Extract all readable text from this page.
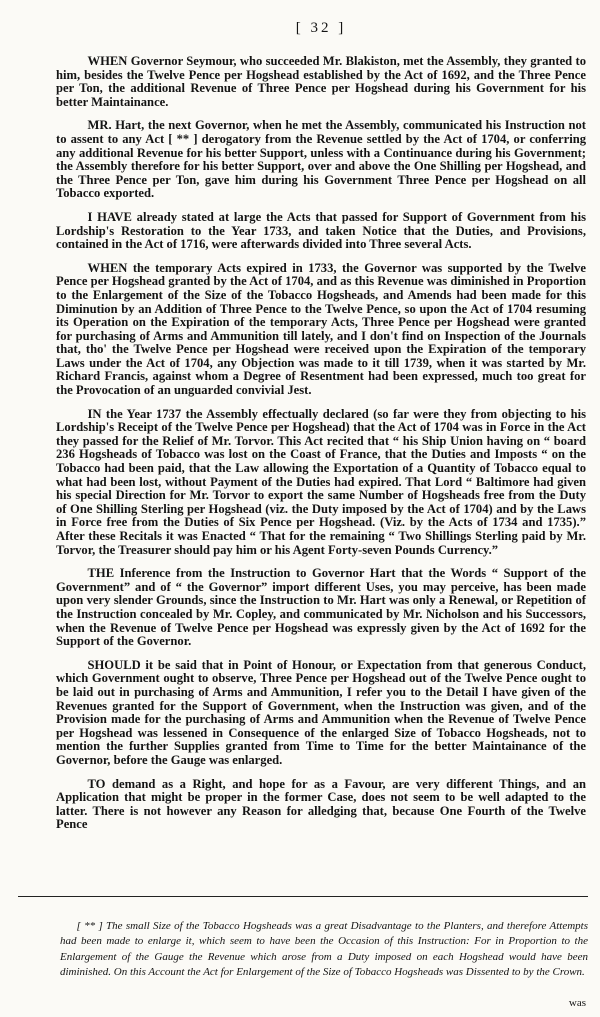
[ 32 ]

WHEN Governor Seymour, who succeeded Mr. Blakiston, met the Assembly, they granted to him, besides the Twelve Pence per Hogshead established by the Act of 1692, and the Three Pence per Ton, the additional Revenue of Three Pence per Hogshead during his Government for his better Maintainance.

MR. Hart, the next Governor, when he met the Assembly, communicated his Instruction not to assent to any Act [ ** ] derogatory from the Revenue settled by the Act of 1704, or conferring any additional Revenue for his better Support, unless with a Continuance during his Government; the Assembly therefore for his better Support, over and above the One Shilling per Hogshead, and the Three Pence per Ton, gave him during his Government Three Pence per Hogshead on all Tobacco exported.

I HAVE already stated at large the Acts that passed for Support of Government from his Lordship's Restoration to the Year 1733, and taken Notice that the Duties, and Provisions, contained in the Act of 1716, were afterwards divided into Three several Acts.

WHEN the temporary Acts expired in 1733, the Governor was supported by the Twelve Pence per Hogshead granted by the Act of 1704, and as this Revenue was diminished in Proportion to the Enlargement of the Size of the Tobacco Hogsheads, and Amends had been made for this Diminution by an Addition of Three Pence to the Twelve Pence, so upon the Act of 1704 resuming its Operation on the Expiration of the temporary Acts, Three Pence per Hogshead were granted for purchasing of Arms and Ammunition till lately, and I don't find on Inspection of the Journals that, tho' the Twelve Pence per Hogshead were received upon the Expiration of the temporary Laws under the Act of 1704, any Objection was made to it till 1739, when it was started by Mr. Richard Francis, against whom a Degree of Resentment had been expressed, much too great for the Provocation of an unguarded convivial Jest.

IN the Year 1737 the Assembly effectually declared (so far were they from objecting to his Lordship's Receipt of the Twelve Pence per Hogshead) that the Act of 1704 was in Force in the Act they passed for the Relief of Mr. Torvor. This Act recited that “ his Ship Union having on “ board 236 Hogsheads of Tobacco was lost on the Coast of France, that the Duties and Imposts “ on the Tobacco had been paid, that the Law allowing the Exportation of a Quantity of Tobacco equal to what had been lost, without Payment of the Duties had expired. That Lord “ Baltimore had given his special Direction for Mr. Torvor to export the same Number of Hogsheads free from the Duty of One Shilling Sterling per Hogshead (viz. the Duty imposed by the Act of 1704) and by the Laws in Force free from the Duties of Six Pence per Hogshead. (Viz. by the Acts of 1734 and 1735).” After these Recitals it was Enacted “ That for the remaining “ Two Shillings Sterling paid by Mr. Torvor, the Treasurer should pay him or his Agent Forty-seven Pounds Currency.”

THE Inference from the Instruction to Governor Hart that the Words “ Support of the Government” and of “ the Governor” import different Uses, you may perceive, has been made upon very slender Grounds, since the Instruction to Mr. Hart was only a Renewal, or Repetition of the Instruction concealed by Mr. Copley, and communicated by Mr. Nicholson and his Successors, when the Revenue of Twelve Pence per Hogshead was expressly given by the Act of 1692 for the Support of the Governor.

SHOULD it be said that in Point of Honour, or Expectation from that generous Conduct, which Government ought to observe, Three Pence per Hogshead out of the Twelve Pence ought to be laid out in purchasing of Arms and Ammunition, I refer you to the Detail I have given of the Revenues granted for the Support of Government, when the Instruction was given, and of the Provision made for the purchasing of Arms and Ammunition when the Revenue of Twelve Pence per Hogshead was lessened in Consequence of the enlarged Size of Tobacco Hogsheads, not to mention the further Supplies granted from Time to Time for the better Maintainance of the Governor, before the Gauge was enlarged.

TO demand as a Right, and hope for as a Favour, are very different Things, and an Application that might be proper in the former Case, does not seem to be well adapted to the latter. There is not however any Reason for alledging that, because One Fourth of the Twelve Pence

[ ** ] The small Size of the Tobacco Hogsheads was a great Disadvantage to the Planters, and therefore Attempts had been made to enlarge it, which seem to have been the Occasion of this Instruction: For in Proportion to the Enlargement of the Gauge the Revenue which arose from a Duty imposed on each Hogshead would have been diminished. On this Account the Act for Enlargement of the Size of Tobacco Hogsheads was Dissented to by the Crown.

was
